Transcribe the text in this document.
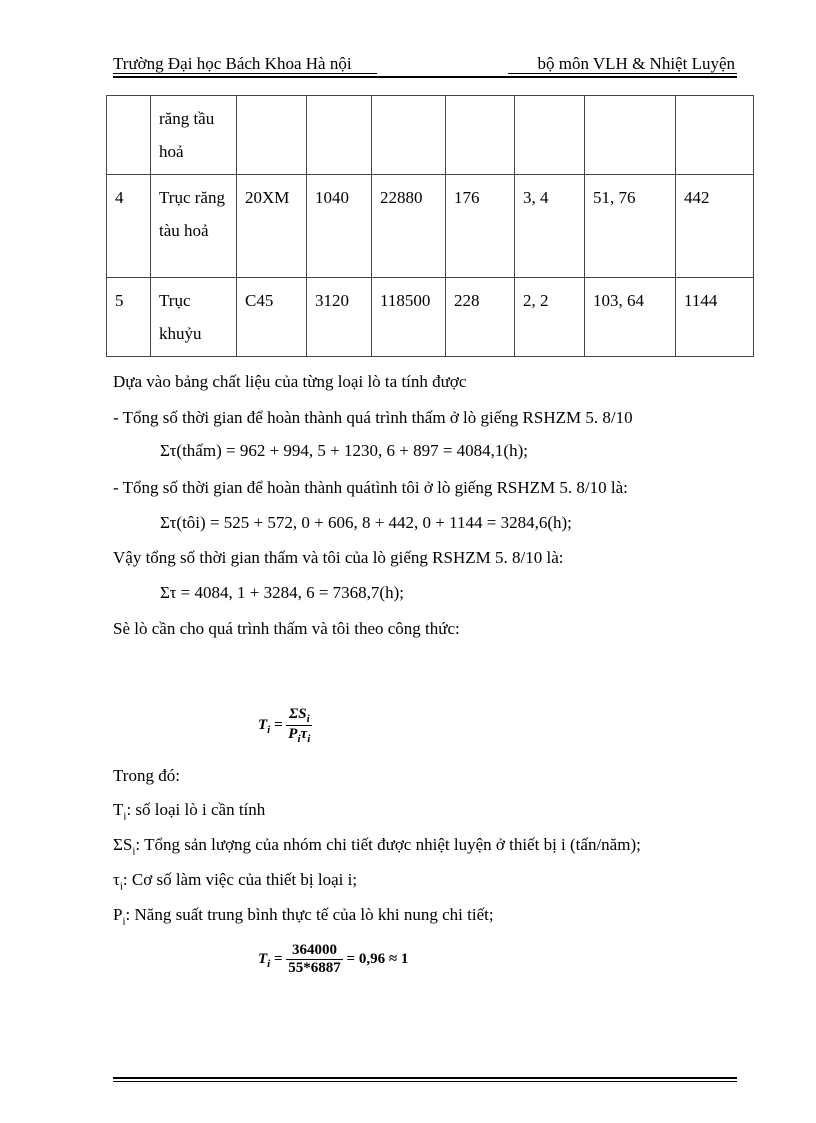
Trường Đại học Bách Khoa Hà nội	bộ môn VLH & Nhiệt Luyện
	răng tầu hoả							
4	Trục răng tàu hoả	20XM	1040	22880	176	3, 4	51, 76	442
5	Trục khuỷu	C45	3120	118500	228	2, 2	103, 64	1144
Dựa vào bảng chất liệu của từng loại lò ta tính được
- Tổng số thời gian để hoàn thành quá trình thấm ở lò giếng RSHZM 5. 8/10
Στ(thấm) = 962 + 994, 5 + 1230, 6 + 897 = 4084,1(h);
- Tổng số thời gian để hoàn thành quátình tôi ở lò giếng RSHZM 5. 8/10 là:
Στ(tôi) = 525 + 572, 0 + 606, 8 + 442, 0 + 1144 = 3284,6(h);
Vậy tổng số thời gian thấm và tôi của lò giếng RSHZM 5. 8/10 là:
Στ = 4084, 1 + 3284, 6 = 7368,7(h);
Sè lò cần cho quá trình thấm và tôi theo công thức:
$T_i = \frac{\Sigma S_i}{P_i\tau_i}$
Trong đó:
$T_i$: số loại lò i cần tính
$\Sigma S_i$: Tổng sản lượng của nhóm chi tiết được nhiệt luyện ở thiết bị i (tấn/năm);
$\tau_i$: Cơ số làm việc của thiết bị loại i;
$P_i$: Năng suất trung bình thực tế của lò khi nung chi tiết;
$T_i = \frac{364000}{55*6887} = 0,96 \approx 1$
